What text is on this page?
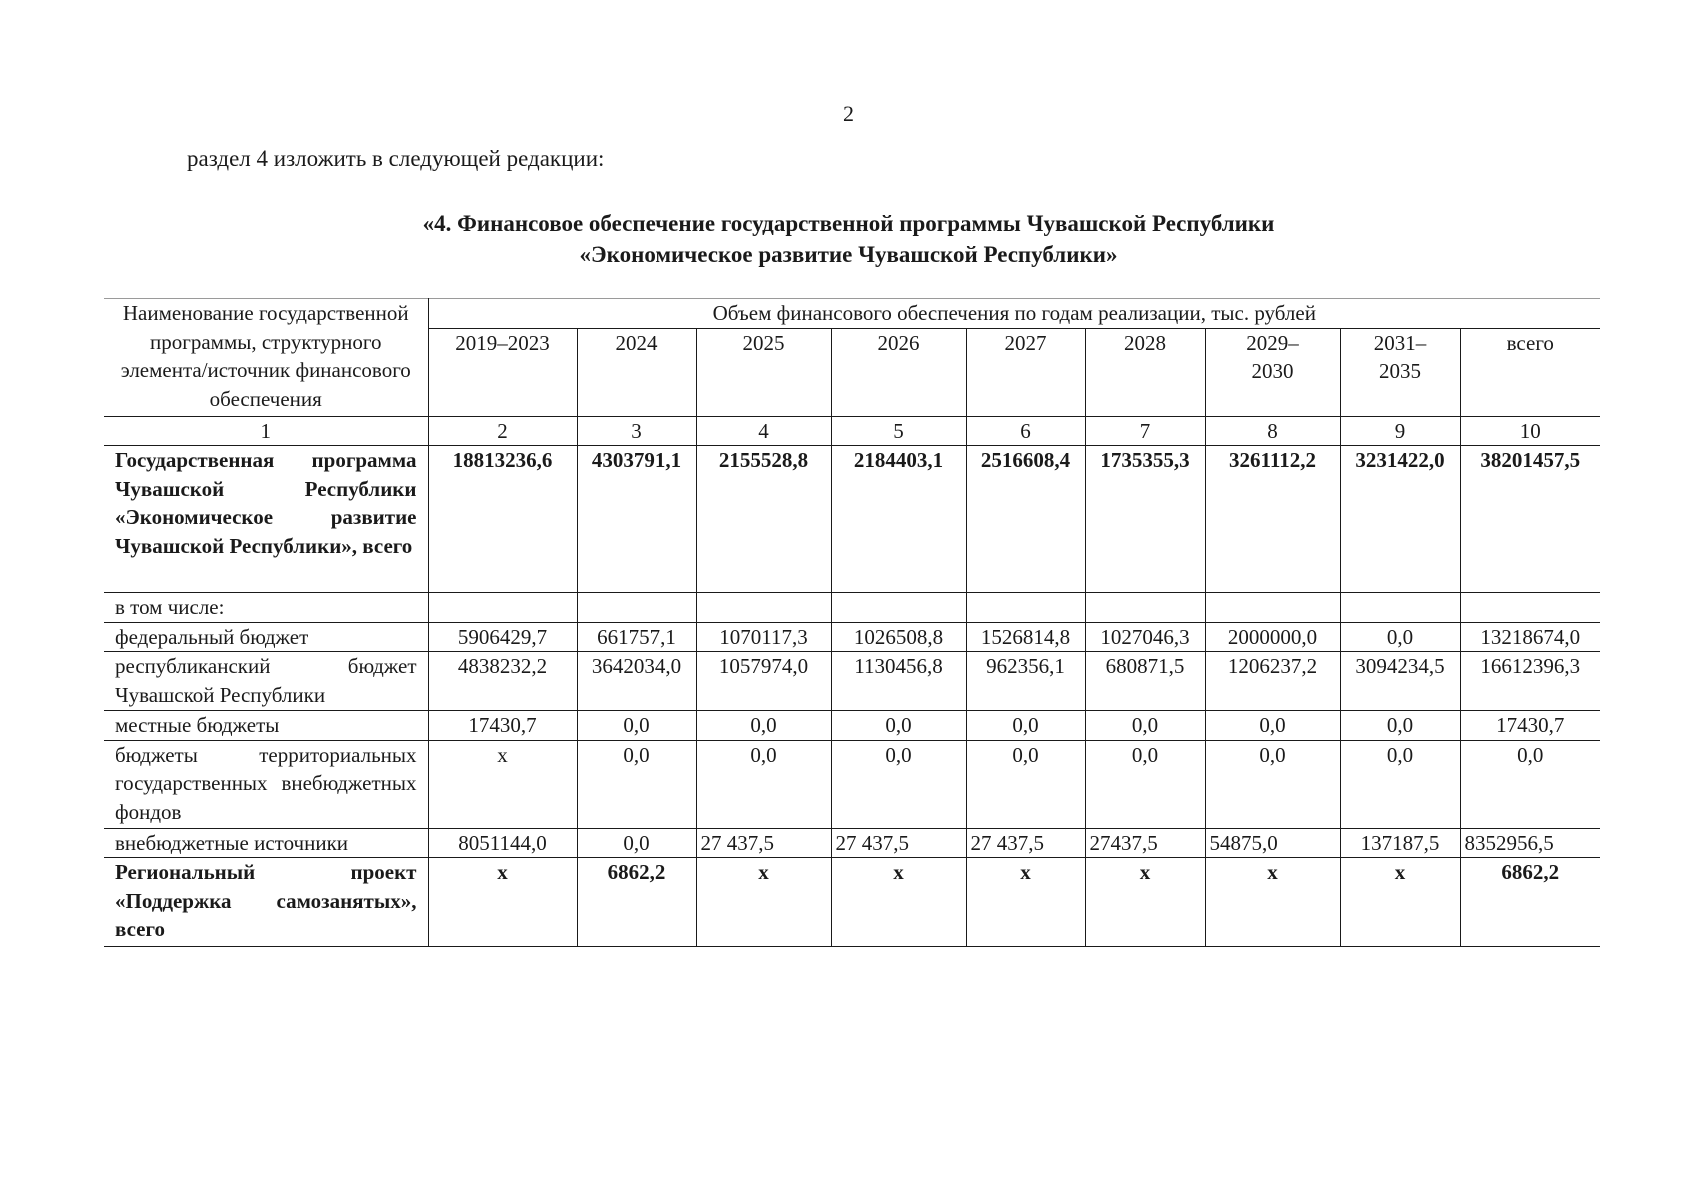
2
раздел 4 изложить в следующей редакции:
«4. Финансовое обеспечение государственной программы Чувашской Республики
«Экономическое развитие Чувашской Республики»
Наименование государственной программы, структурного элемента/источник финансового обеспечения	Объем финансового обеспечения по годам реализации, тыс. рублей								
	2019–2023	2024	2025	2026	2027	2028	2029–2030	2031–2035	всего
1	2	3	4	5	6	7	8	9	10
Государственная программа Чувашской Республики «Экономическое развитие Чувашской Республики», всего	18813236,6	4303791,1	2155528,8	2184403,1	2516608,4	1735355,3	3261112,2	3231422,0	38201457,5
в том числе:									
федеральный бюджет	5906429,7	661757,1	1070117,3	1026508,8	1526814,8	1027046,3	2000000,0	0,0	13218674,0
республиканский бюджет Чувашской Республики	4838232,2	3642034,0	1057974,0	1130456,8	962356,1	680871,5	1206237,2	3094234,5	16612396,3
местные бюджеты	17430,7	0,0	0,0	0,0	0,0	0,0	0,0	0,0	17430,7
бюджеты территориальных государственных внебюджетных фондов	х	0,0	0,0	0,0	0,0	0,0	0,0	0,0	0,0
внебюджетные источники	8051144,0	0,0	27 437,5	27 437,5	27 437,5	27437,5	54875,0	137187,5	8352956,5
Региональный проект «Поддержка самозанятых», всего	х	6862,2	х	х	х	х	х	х	6862,2
